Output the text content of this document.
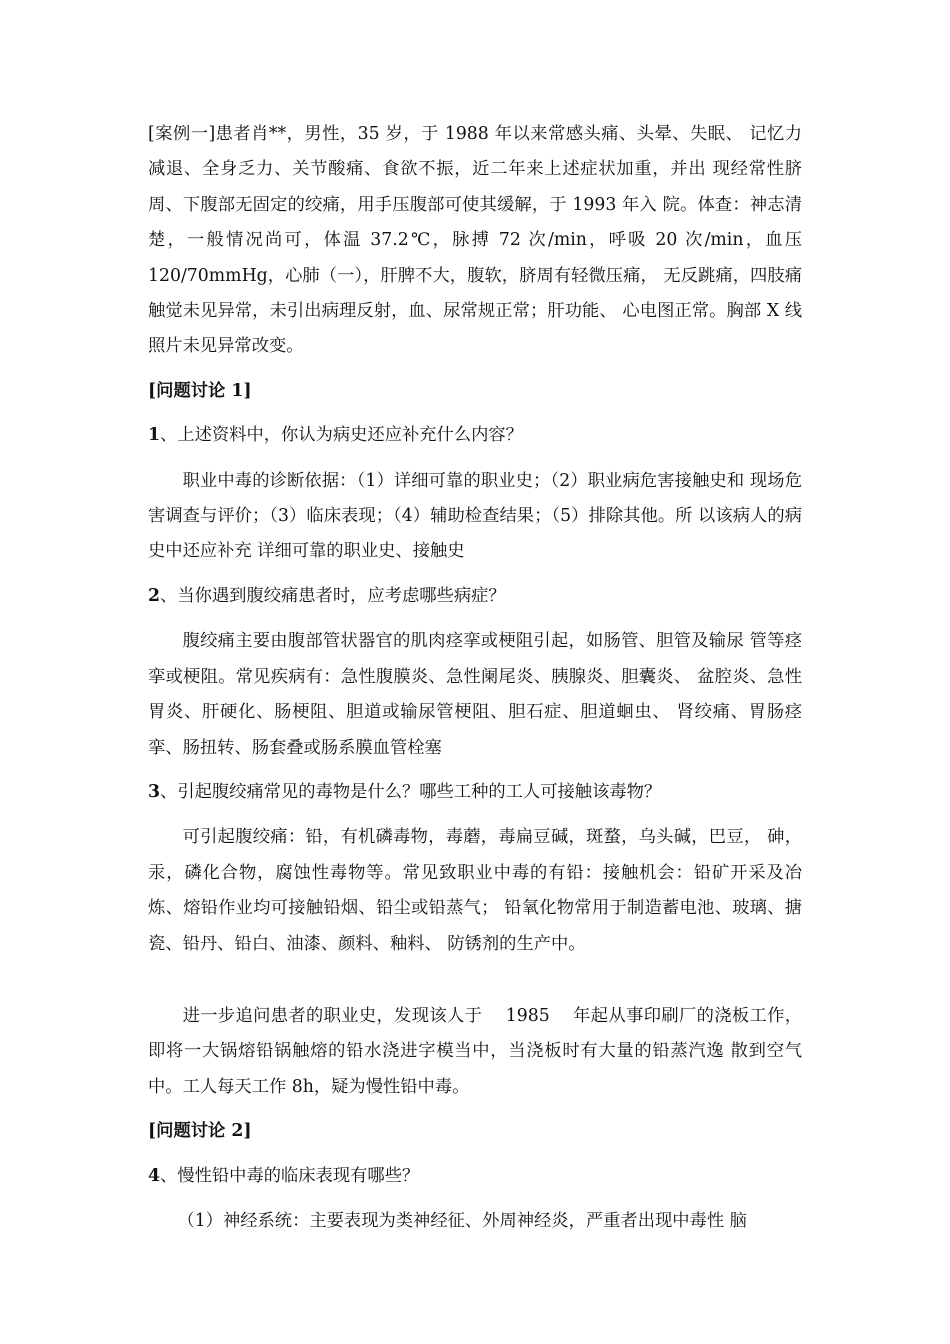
[案例一]患者肖**，男性，35 岁，于 1988 年以来常感头痛、头晕、失眠、 记忆力减退、全身乏力、关节酸痛、食欲不振，近二年来上述症状加重，并出 现经常性脐周、下腹部无固定的绞痛，用手压腹部可使其缓解，于 1993 年入 院。体查：神志清楚，一般情况尚可，体温 37.2℃，脉搏 72 次/min，呼吸 20 次/min，血压 120/70mmHg，心肺（一），肝脾不大，腹软，脐周有轻微压痛， 无反跳痛，四肢痛触觉未见异常，未引出病理反射，血、尿常规正常；肝功能、 心电图正常。胸部 X 线照片未见异常改变。

[问题讨论 1]

1、上述资料中，你认为病史还应补充什么内容？

职业中毒的诊断依据：（1）详细可靠的职业史；（2）职业病危害接触史和 现场危害调查与评价；（3）临床表现；（4）辅助检查结果；（5）排除其他。所 以该病人的病史中还应补充 详细可靠的职业史、接触史

2、当你遇到腹绞痛患者时，应考虑哪些病症？

腹绞痛主要由腹部管状器官的肌肉痉挛或梗阻引起，如肠管、胆管及输尿 管等痉挛或梗阻。常见疾病有：急性腹膜炎、急性阑尾炎、胰腺炎、胆囊炎、 盆腔炎、急性胃炎、肝硬化、肠梗阻、胆道或输尿管梗阻、胆石症、胆道蛔虫、 肾绞痛、胃肠痉挛、肠扭转、肠套叠或肠系膜血管栓塞

3、引起腹绞痛常见的毒物是什么？哪些工种的工人可接触该毒物？

可引起腹绞痛：铅，有机磷毒物，毒蘑，毒扁豆碱，斑蝥，乌头碱，巴豆， 砷，汞，磷化合物，腐蚀性毒物等。常见致职业中毒的有铅：接触机会：铅矿开采及冶炼、熔铅作业均可接触铅烟、铅尘或铅蒸气； 铅氧化物常用于制造蓄电池、玻璃、搪瓷、铅丹、铅白、油漆、颜料、釉料、 防锈剂的生产中。

进一步追问患者的职业史，发现该人于 　1985 　年起从事印刷厂的浇板工作，即将一大锅熔铅锅触熔的铅水浇进字模当中，当浇板时有大量的铅蒸汽逸 散到空气中。工人每天工作 8h，疑为慢性铅中毒。

[问题讨论 2]

4、慢性铅中毒的临床表现有哪些？

（1）神经系统：主要表现为类神经征、外周神经炎，严重者出现中毒性 脑
